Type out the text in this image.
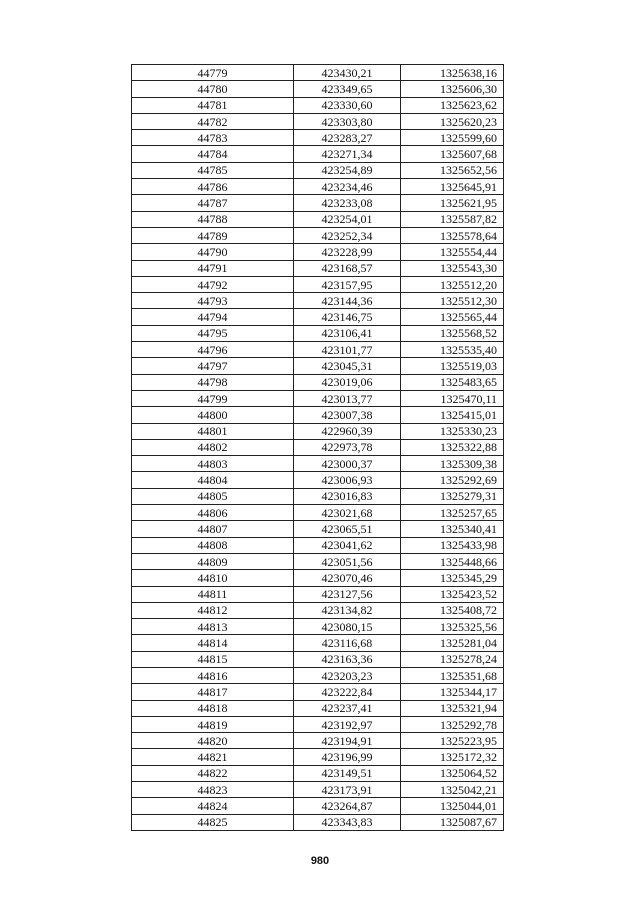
44779	423430,21	1325638,16
44780	423349,65	1325606,30
44781	423330,60	1325623,62
44782	423303,80	1325620,23
44783	423283,27	1325599,60
44784	423271,34	1325607,68
44785	423254,89	1325652,56
44786	423234,46	1325645,91
44787	423233,08	1325621,95
44788	423254,01	1325587,82
44789	423252,34	1325578,64
44790	423228,99	1325554,44
44791	423168,57	1325543,30
44792	423157,95	1325512,20
44793	423144,36	1325512,30
44794	423146,75	1325565,44
44795	423106,41	1325568,52
44796	423101,77	1325535,40
44797	423045,31	1325519,03
44798	423019,06	1325483,65
44799	423013,77	1325470,11
44800	423007,38	1325415,01
44801	422960,39	1325330,23
44802	422973,78	1325322,88
44803	423000,37	1325309,38
44804	423006,93	1325292,69
44805	423016,83	1325279,31
44806	423021,68	1325257,65
44807	423065,51	1325340,41
44808	423041,62	1325433,98
44809	423051,56	1325448,66
44810	423070,46	1325345,29
44811	423127,56	1325423,52
44812	423134,82	1325408,72
44813	423080,15	1325325,56
44814	423116,68	1325281,04
44815	423163,36	1325278,24
44816	423203,23	1325351,68
44817	423222,84	1325344,17
44818	423237,41	1325321,94
44819	423192,97	1325292,78
44820	423194,91	1325223,95
44821	423196,99	1325172,32
44822	423149,51	1325064,52
44823	423173,91	1325042,21
44824	423264,87	1325044,01
44825	423343,83	1325087,67
980
